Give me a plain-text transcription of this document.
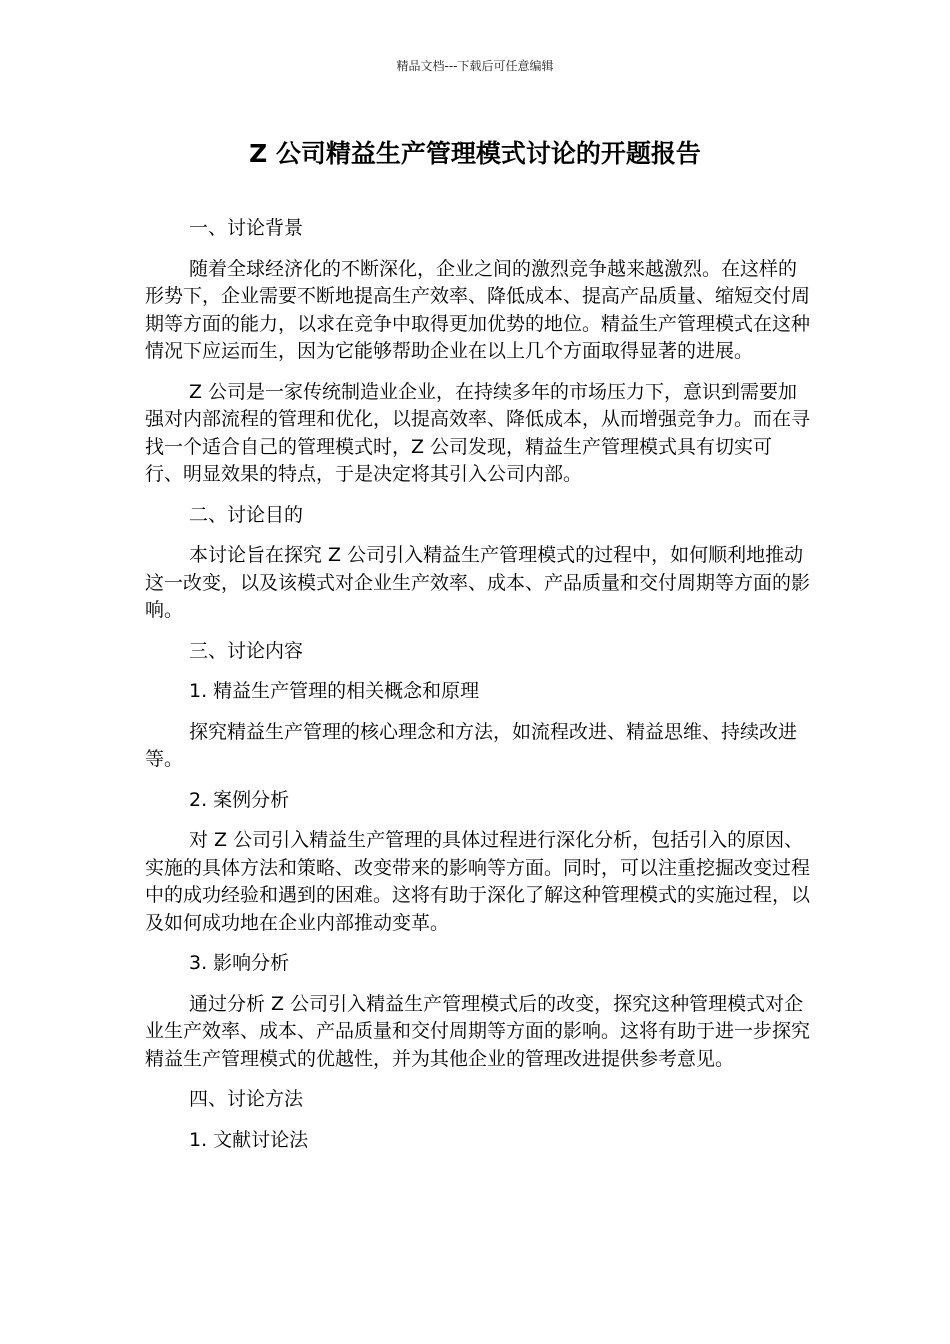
精品文档---下载后可任意编辑
Z 公司精益生产管理模式讨论的开题报告
一、讨论背景

随着全球经济化的不断深化，企业之间的激烈竞争越来越激烈。在这样的形势下，企业需要不断地提高生产效率、降低成本、提高产品质量、缩短交付周期等方面的能力，以求在竞争中取得更加优势的地位。精益生产管理模式在这种情况下应运而生，因为它能够帮助企业在以上几个方面取得显著的进展。

Z 公司是一家传统制造业企业，在持续多年的市场压力下，意识到需要加强对内部流程的管理和优化，以提高效率、降低成本，从而增强竞争力。而在寻找一个适合自己的管理模式时，Z 公司发现，精益生产管理模式具有切实可行、明显效果的特点，于是决定将其引入公司内部。

二、讨论目的

本讨论旨在探究 Z 公司引入精益生产管理模式的过程中，如何顺利地推动这一改变，以及该模式对企业生产效率、成本、产品质量和交付周期等方面的影响。

三、讨论内容
1. 精益生产管理的相关概念和原理

探究精益生产管理的核心理念和方法，如流程改进、精益思维、持续改进等。

2. 案例分析

对 Z 公司引入精益生产管理的具体过程进行深化分析，包括引入的原因、实施的具体方法和策略、改变带来的影响等方面。同时，可以注重挖掘改变过程中的成功经验和遇到的困难。这将有助于深化了解这种管理模式的实施过程，以及如何成功地在企业内部推动变革。

3. 影响分析

通过分析 Z 公司引入精益生产管理模式后的改变，探究这种管理模式对企业生产效率、成本、产品质量和交付周期等方面的影响。这将有助于进一步探究精益生产管理模式的优越性，并为其他企业的管理改进提供参考意见。

四、讨论方法
1. 文献讨论法
